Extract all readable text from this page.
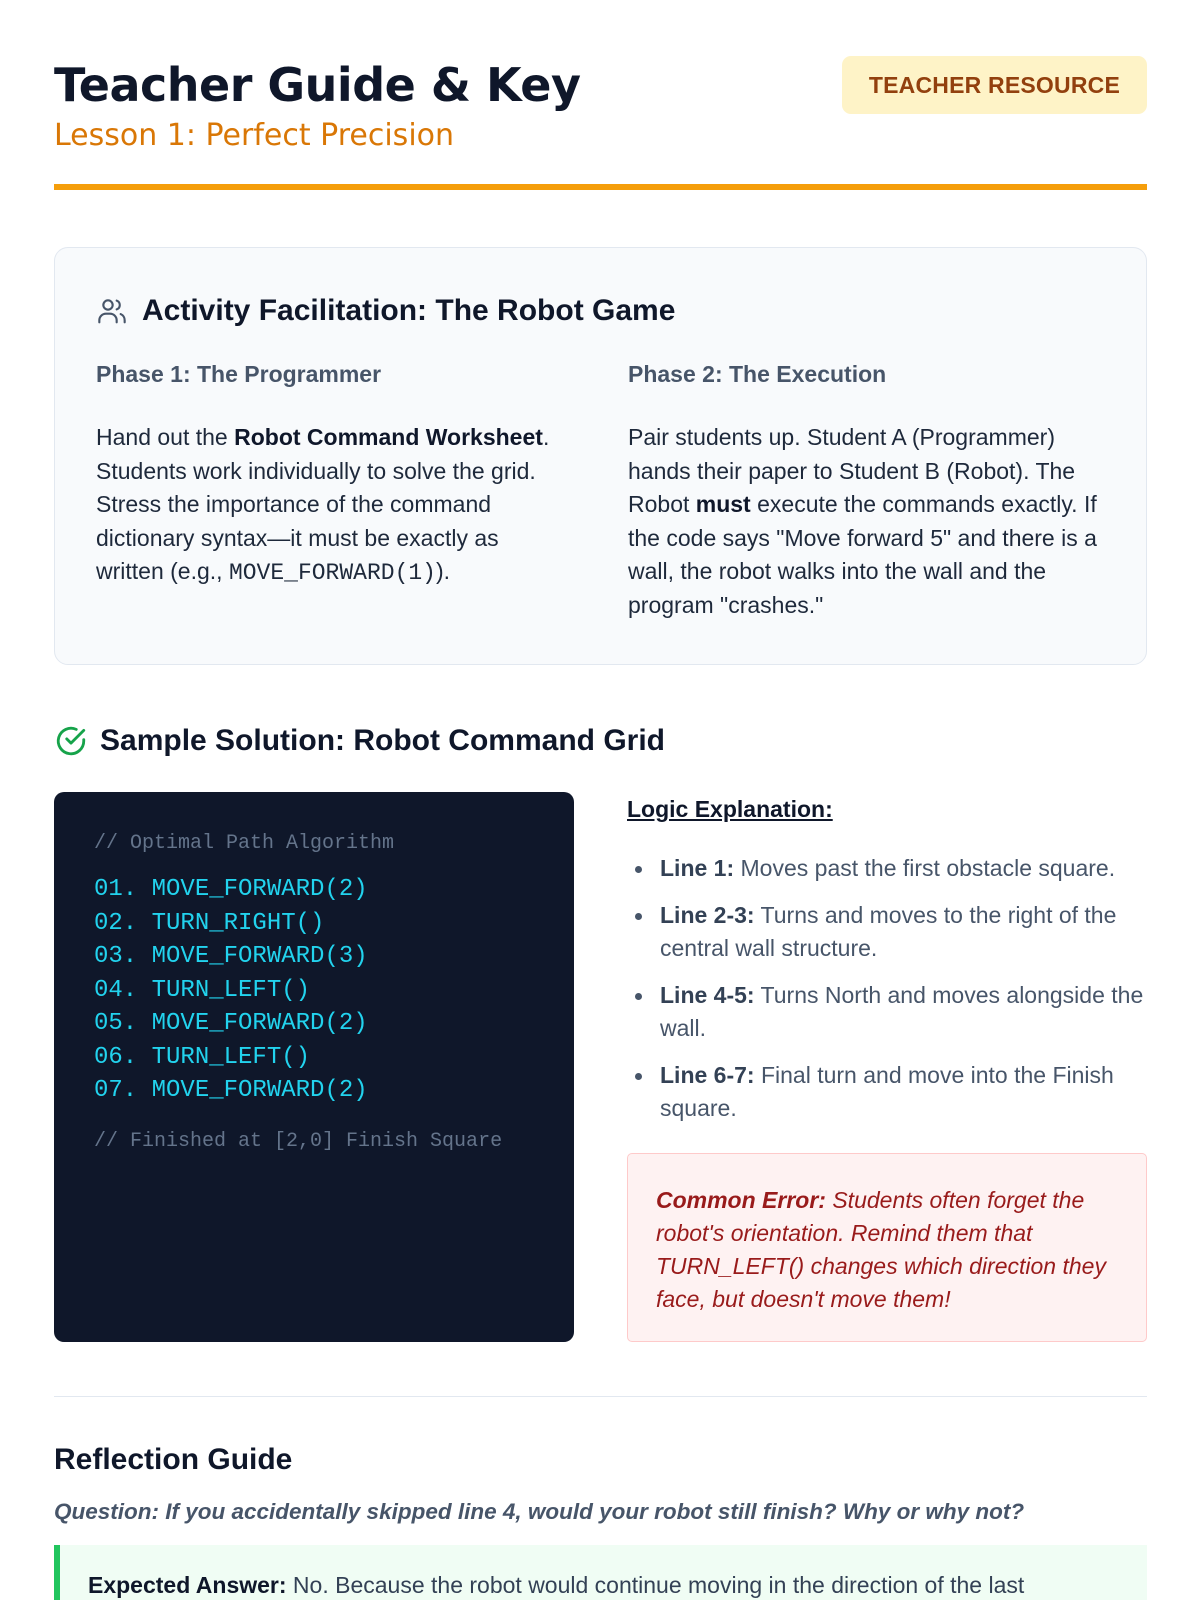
Teacher Guide & Key
Lesson 1: Perfect Precision
TEACHER RESOURCE
Activity Facilitation: The Robot Game
Phase 1: The Programmer

Hand out the Robot Command Worksheet. Students work individually to solve the grid. Stress the importance of the command dictionary syntax—it must be exactly as written (e.g., MOVE_FORWARD(1)).

Phase 2: The Execution

Pair students up. Student A (Programmer) hands their paper to Student B (Robot). The Robot must execute the commands exactly. If the code says "Move forward 5" and there is a wall, the robot walks into the wall and the program "crashes."

Sample Solution: Robot Command Grid
// Optimal Path Algorithm
01. MOVE_FORWARD(2)
02. TURN_RIGHT()
03. MOVE_FORWARD(3)
04. TURN_LEFT()
05. MOVE_FORWARD(2)
06. TURN_LEFT()
07. MOVE_FORWARD(2)
// Finished at [2,0] Finish Square
Logic Explanation:
Line 1: Moves past the first obstacle square.
Line 2-3: Turns and moves to the right of the central wall structure.
Line 4-5: Turns North and moves alongside the wall.
Line 6-7: Final turn and move into the Finish square.
Common Error: Students often forget the robot's orientation. Remind them that TURN_LEFT() changes which direction they face, but doesn't move them!
Reflection Guide
Question: If you accidentally skipped line 4, would your robot still finish? Why or why not?
Expected Answer: No. Because the robot would continue moving in the direction of the last
